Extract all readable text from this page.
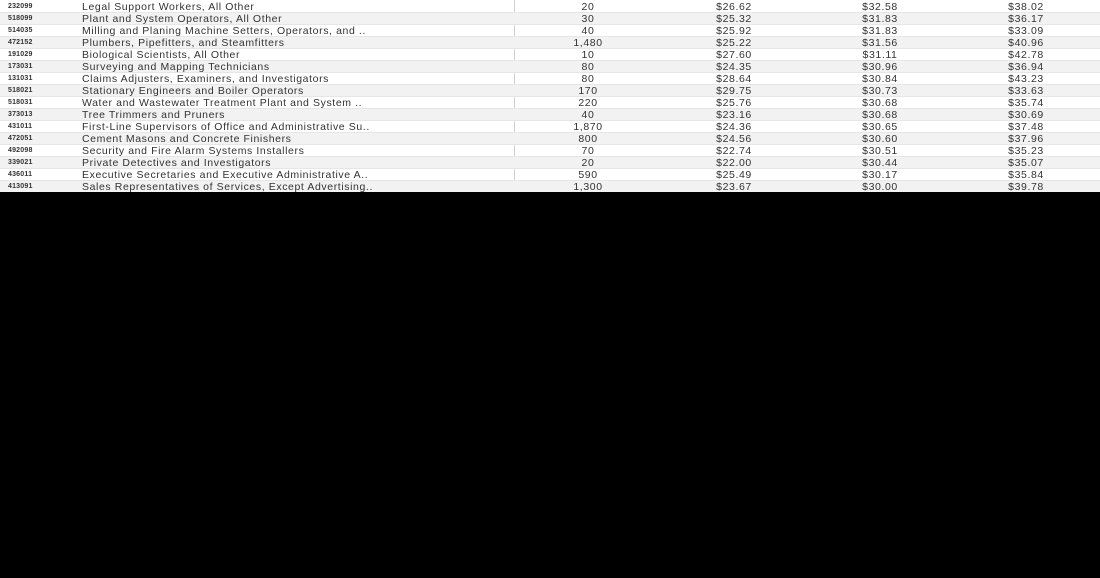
232099	Legal Support Workers, All Other	20	$26.62	$32.58	$38.02
518099	Plant and System Operators, All Other	30	$25.32	$31.83	$36.17
514035	Milling and Planing Machine Setters, Operators, and ..	40	$25.92	$31.83	$33.09
472152	Plumbers, Pipefitters, and Steamfitters	1,480	$25.22	$31.56	$40.96
191029	Biological Scientists, All Other	10	$27.60	$31.11	$42.78
173031	Surveying and Mapping Technicians	80	$24.35	$30.96	$36.94
131031	Claims Adjusters, Examiners, and Investigators	80	$28.64	$30.84	$43.23
518021	Stationary Engineers and Boiler Operators	170	$29.75	$30.73	$33.63
518031	Water and Wastewater Treatment Plant and System ..	220	$25.76	$30.68	$35.74
373013	Tree Trimmers and Pruners	40	$23.16	$30.68	$30.69
431011	First-Line Supervisors of Office and Administrative Su..	1,870	$24.36	$30.65	$37.48
472051	Cement Masons and Concrete Finishers	800	$24.56	$30.60	$37.96
492098	Security and Fire Alarm Systems Installers	70	$22.74	$30.51	$35.23
339021	Private Detectives and Investigators	20	$22.00	$30.44	$35.07
436011	Executive Secretaries and Executive Administrative A..	590	$25.49	$30.17	$35.84
413091	Sales Representatives of Services, Except Advertising..	1,300	$23.67	$30.00	$39.78
